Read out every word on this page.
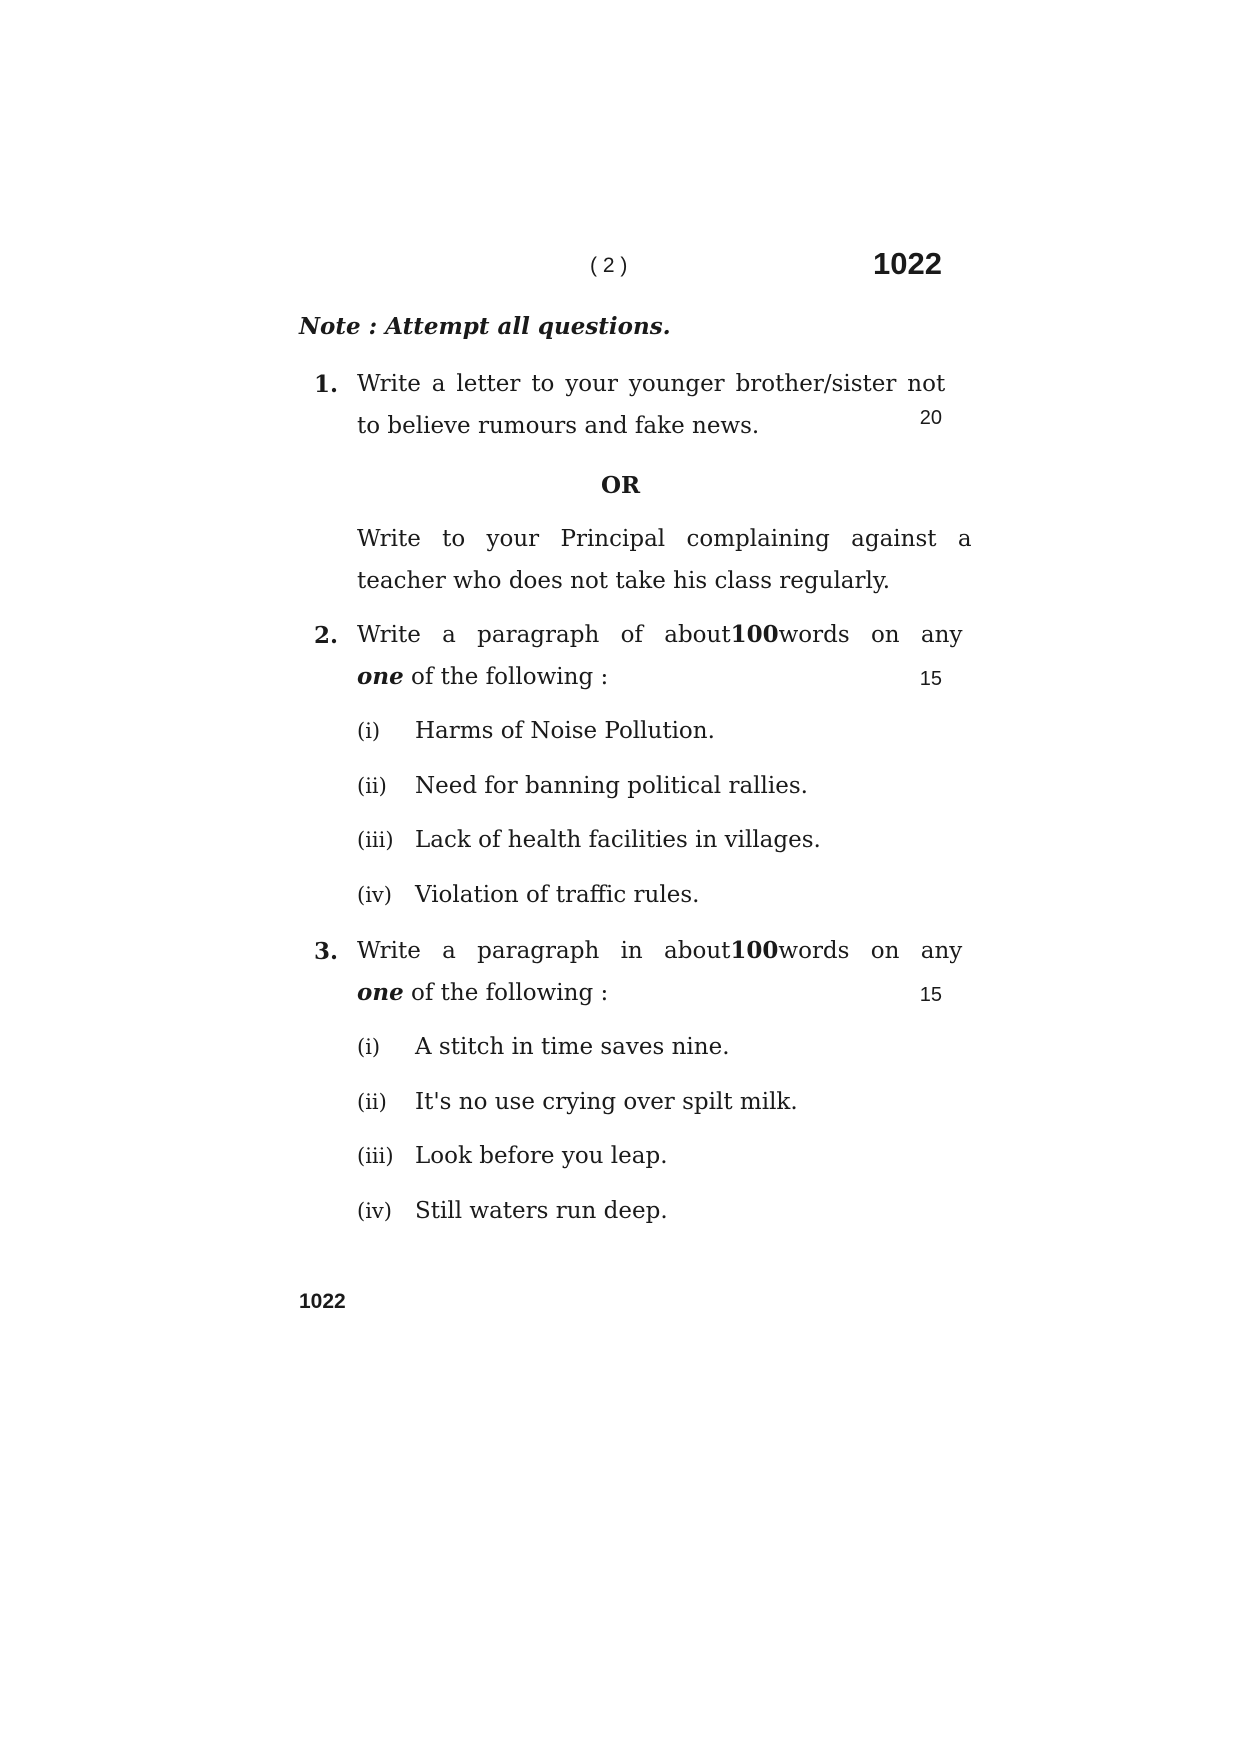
( 2 )	1022
Note : Attempt all questions.
1. Write a letter to your younger brother/sister not
to believe rumours and fake news.	20
OR
Write to your Principal complaining against a
teacher who does not take his class regularly.
2. Write a paragraph of about 100 words on any
one of the following :	15
(i) Harms of Noise Pollution.
(ii) Need for banning political rallies.
(iii) Lack of health facilities in villages.
(iv) Violation of traffic rules.
3. Write a paragraph in about 100 words on any
one of the following :	15
(i) A stitch in time saves nine.
(ii) It's no use crying over spilt milk.
(iii) Look before you leap.
(iv) Still waters run deep.
1022
